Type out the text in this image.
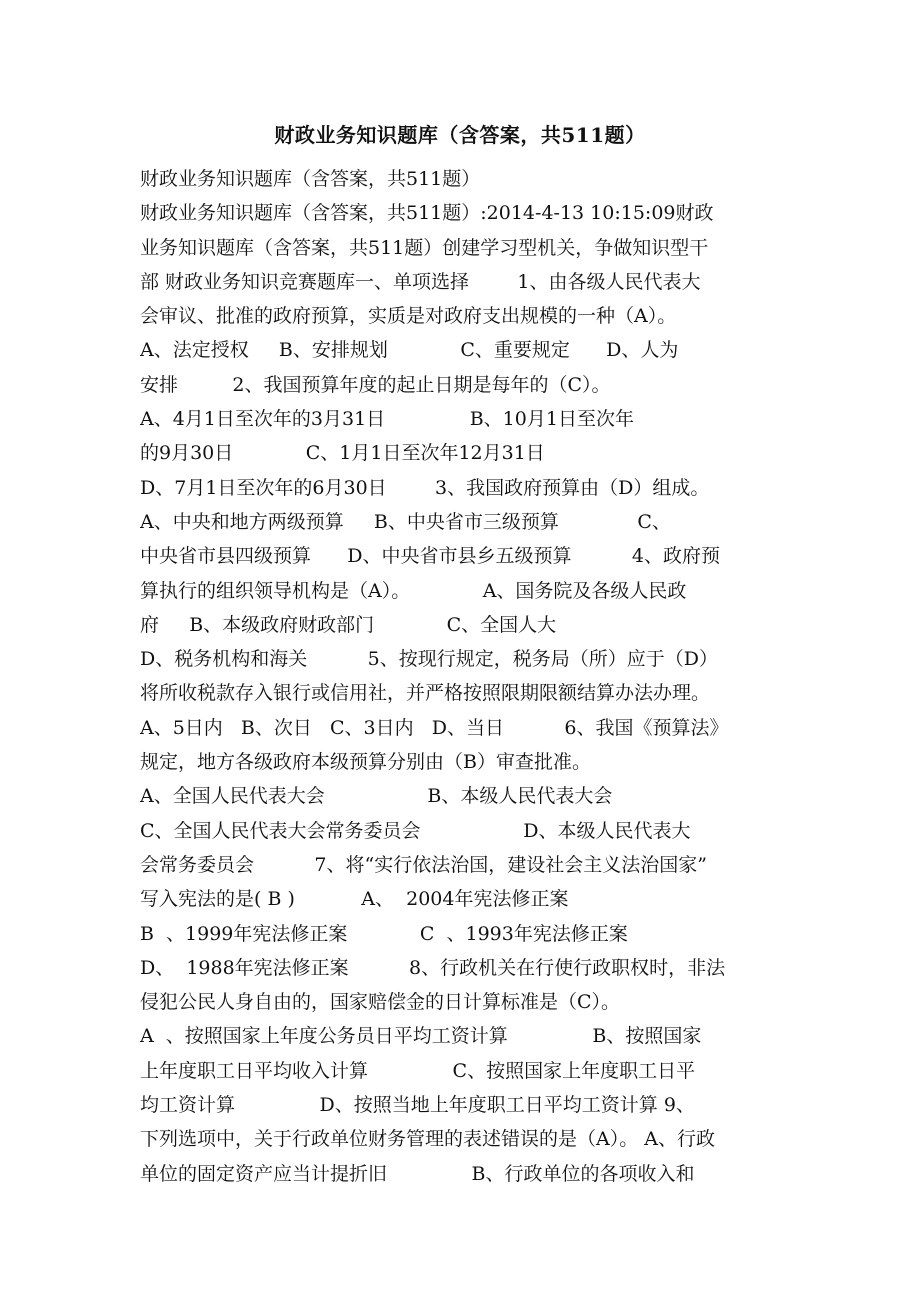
财政业务知识题库（含答案，共511题）
财政业务知识题库（含答案，共511题）
财政业务知识题库（含答案，共511题）:2014-4-13 10:15:09财政
业务知识题库（含答案，共511题）创建学习型机关，争做知识型干
部 财政业务知识竞赛题库一、单项选择        1、由各级人民代表大
会审议、批准的政府预算，实质是对政府支出规模的一种（A）。
A、法定授权     B、安排规划            C、重要规定      D、人为
安排         2、我国预算年度的起止日期是每年的（C）。
A、4月1日至次年的3月31日              B、10月1日至次年
的9月30日            C、1月1日至次年12月31日
D、7月1日至次年的6月30日        3、我国政府预算由（D）组成。
A、中央和地方两级预算     B、中央省市三级预算             C、
中央省市县四级预算      D、中央省市县乡五级预算          4、政府预
算执行的组织领导机构是（A）。            A、国务院及各级人民政
府     B、本级政府财政部门            C、全国人大
D、税务机构和海关          5、按现行规定，税务局（所）应于（D）
将所收税款存入银行或信用社，并严格按照限期限额结算办法办理。
A、5日内   B、次日   C、3日内   D、当日          6、我国《预算法》
规定，地方各级政府本级预算分别由（B）审查批准。
A、全国人民代表大会                 B、本级人民代表大会
C、全国人民代表大会常务委员会                 D、本级人民代表大
会常务委员会          7、将“实行依法治国，建设社会主义法治国家”
写入宪法的是( B )           A、  2004年宪法修正案
B  、1999年宪法修正案            C  、1993年宪法修正案
D、  1988年宪法修正案          8、行政机关在行使行政职权时，非法
侵犯公民人身自由的，国家赔偿金的日计算标准是（C）。
A  、按照国家上年度公务员日平均工资计算              B、按照国家
上年度职工日平均收入计算              C、按照国家上年度职工日平
均工资计算              D、按照当地上年度职工日平均工资计算 9、
下列选项中，关于行政单位财务管理的表述错误的是（A）。 A、行政
单位的固定资产应当计提折旧              B、行政单位的各项收入和
